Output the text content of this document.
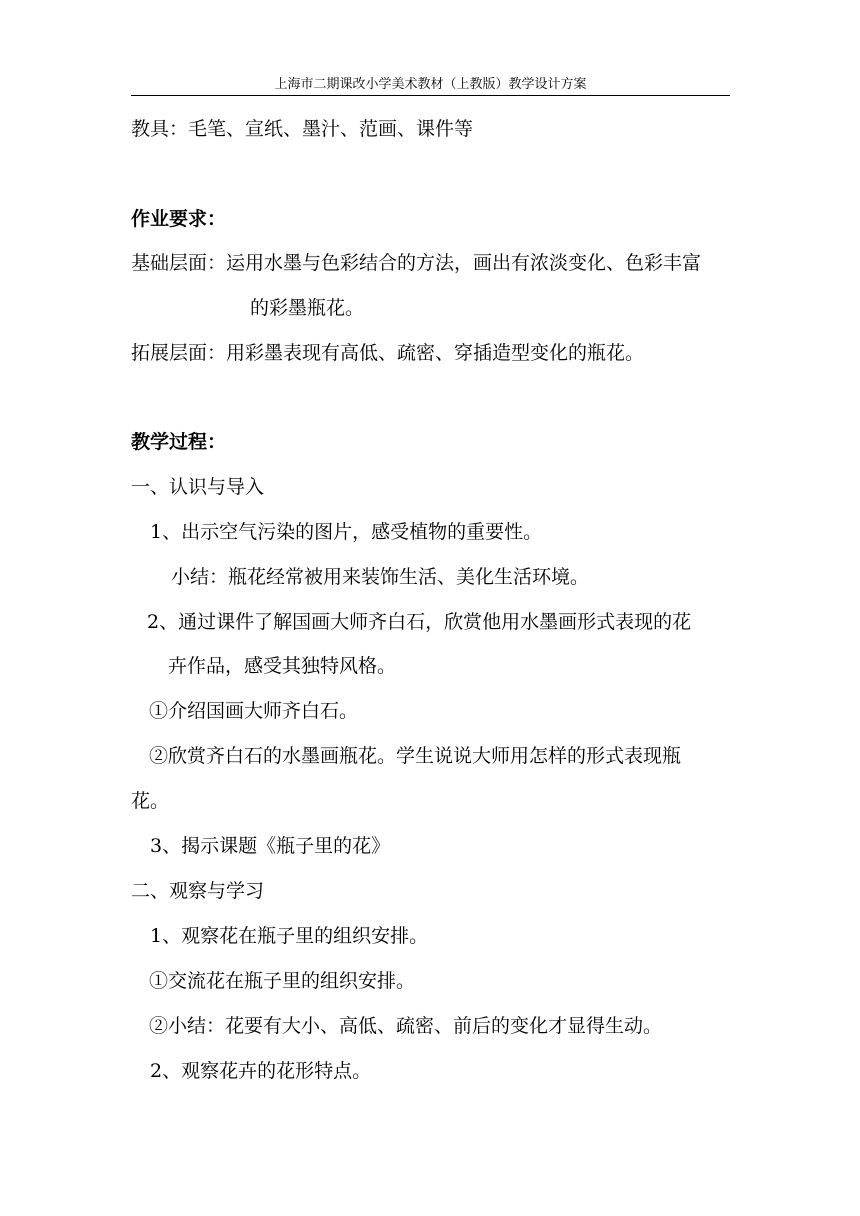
上海市二期课改小学美术教材（上教版）教学设计方案
教具：毛笔、宣纸、墨汁、范画、课件等
作业要求：
基础层面：运用水墨与色彩结合的方法，画出有浓淡变化、色彩丰富
的彩墨瓶花。
拓展层面：用彩墨表现有高低、疏密、穿插造型变化的瓶花。
教学过程：
一、认识与导入
1、出示空气污染的图片，感受植物的重要性。
小结：瓶花经常被用来装饰生活、美化生活环境。
2、通过课件了解国画大师齐白石，欣赏他用水墨画形式表现的花
卉作品，感受其独特风格。
①介绍国画大师齐白石。
②欣赏齐白石的水墨画瓶花。学生说说大师用怎样的形式表现瓶
花。
3、揭示课题《瓶子里的花》
二、观察与学习
1、观察花在瓶子里的组织安排。
①交流花在瓶子里的组织安排。
②小结：花要有大小、高低、疏密、前后的变化才显得生动。
2、观察花卉的花形特点。
